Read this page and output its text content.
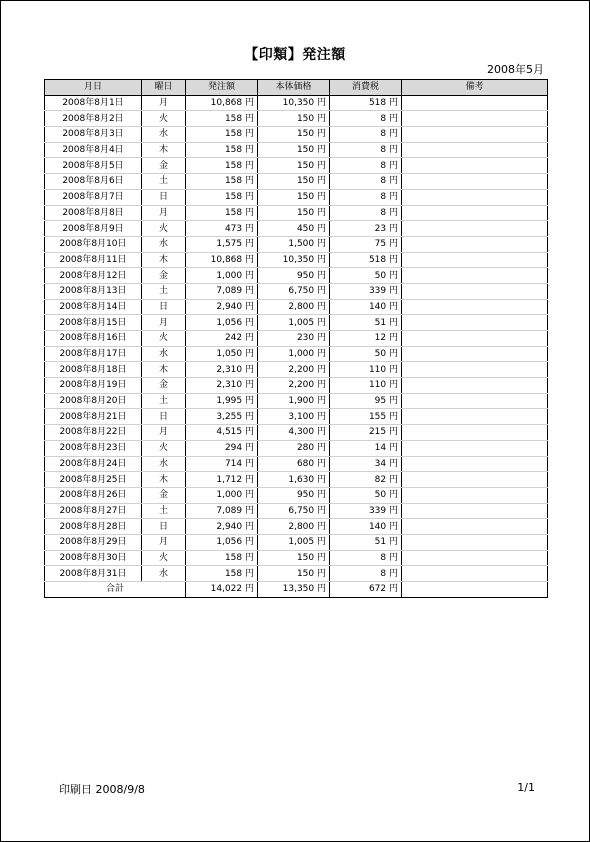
【印類】発注額
2008年5月
月日	曜日	発注額	本体価格	消費税	備考
2008年8月1日	月	10,868 円	10,350 円	518 円	
2008年8月2日	火	158 円	150 円	8 円	
2008年8月3日	水	158 円	150 円	8 円	
2008年8月4日	木	158 円	150 円	8 円	
2008年8月5日	金	158 円	150 円	8 円	
2008年8月6日	土	158 円	150 円	8 円	
2008年8月7日	日	158 円	150 円	8 円	
2008年8月8日	月	158 円	150 円	8 円	
2008年8月9日	火	473 円	450 円	23 円	
2008年8月10日	水	1,575 円	1,500 円	75 円	
2008年8月11日	木	10,868 円	10,350 円	518 円	
2008年8月12日	金	1,000 円	950 円	50 円	
2008年8月13日	土	7,089 円	6,750 円	339 円	
2008年8月14日	日	2,940 円	2,800 円	140 円	
2008年8月15日	月	1,056 円	1,005 円	51 円	
2008年8月16日	火	242 円	230 円	12 円	
2008年8月17日	水	1,050 円	1,000 円	50 円	
2008年8月18日	木	2,310 円	2,200 円	110 円	
2008年8月19日	金	2,310 円	2,200 円	110 円	
2008年8月20日	土	1,995 円	1,900 円	95 円	
2008年8月21日	日	3,255 円	3,100 円	155 円	
2008年8月22日	月	4,515 円	4,300 円	215 円	
2008年8月23日	火	294 円	280 円	14 円	
2008年8月24日	水	714 円	680 円	34 円	
2008年8月25日	木	1,712 円	1,630 円	82 円	
2008年8月26日	金	1,000 円	950 円	50 円	
2008年8月27日	土	7,089 円	6,750 円	339 円	
2008年8月28日	日	2,940 円	2,800 円	140 円	
2008年8月29日	月	1,056 円	1,005 円	51 円	
2008年8月30日	火	158 円	150 円	8 円	
2008年8月31日	水	158 円	150 円	8 円	
合計		14,022 円	13,350 円	672 円	
印刷日 2008/9/8	1/1
